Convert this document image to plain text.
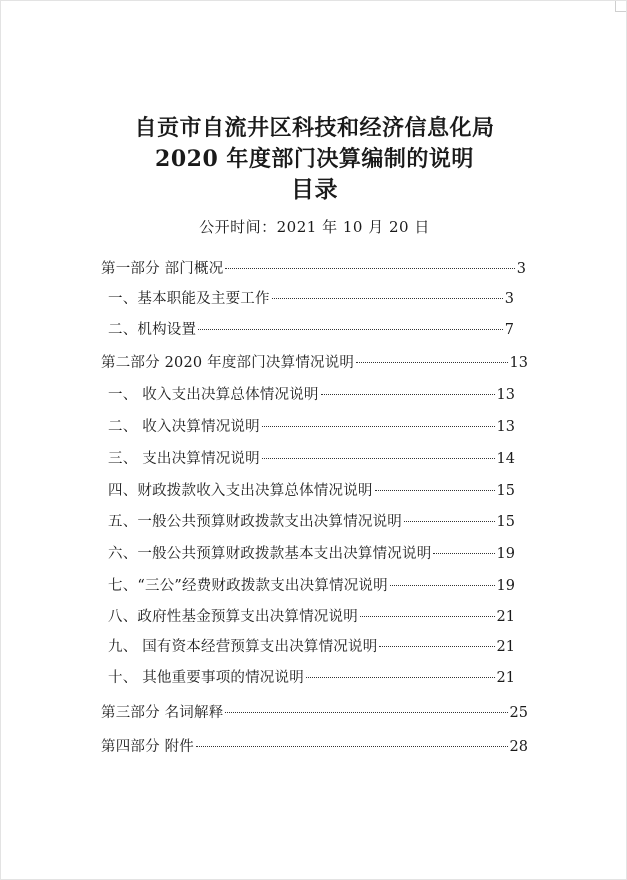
自贡市自流井区科技和经济信息化局
2020 年度部门决算编制的说明
目录
公开时间：2021 年 10 月 20 日
第一部分 部门概况	3
一、基本职能及主要工作	3
二、机构设置	7
第二部分 2020 年度部门决算情况说明	13
一、 收入支出决算总体情况说明	13
二、 收入决算情况说明	13
三、 支出决算情况说明	14
四、财政拨款收入支出决算总体情况说明	15
五、一般公共预算财政拨款支出决算情况说明	15
六、一般公共预算财政拨款基本支出决算情况说明	19
七、“三公”经费财政拨款支出决算情况说明	19
八、政府性基金预算支出决算情况说明	21
九、 国有资本经营预算支出决算情况说明	21
十、 其他重要事项的情况说明	21
第三部分 名词解释	25
第四部分 附件	28
